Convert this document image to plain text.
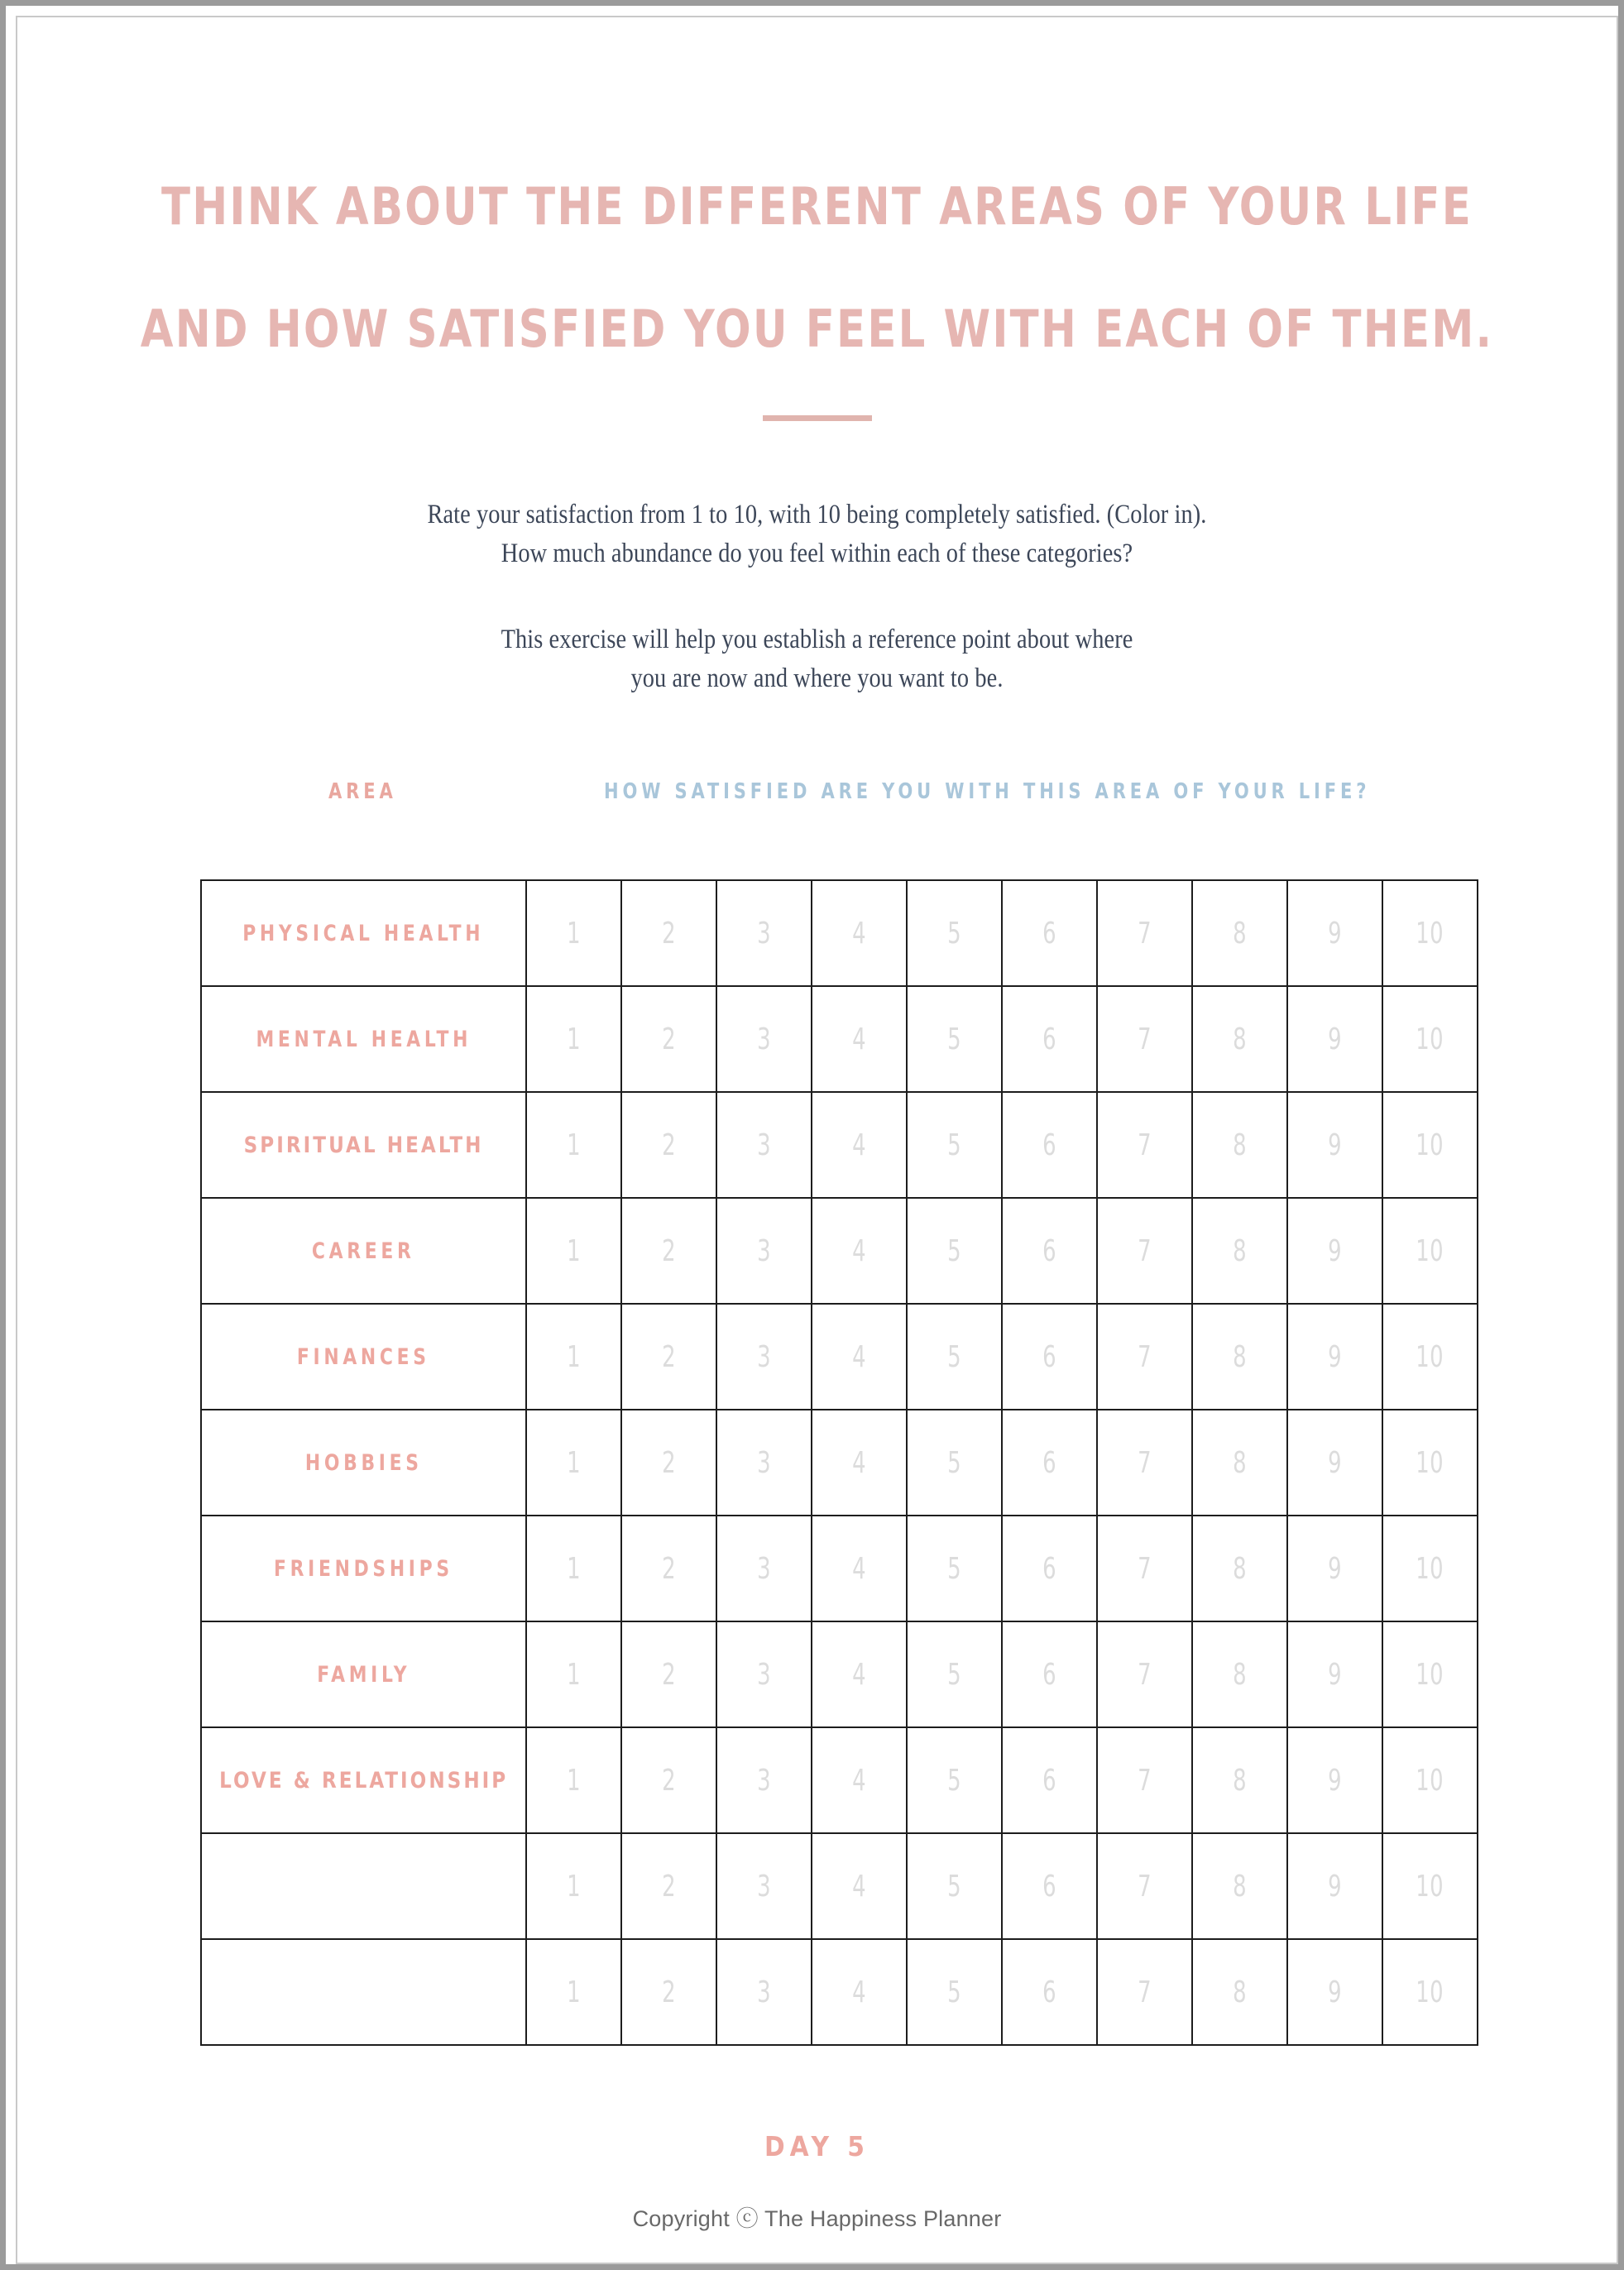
THINK ABOUT THE DIFFERENT AREAS OF YOUR LIFE
AND HOW SATISFIED YOU FEEL WITH EACH OF THEM.

Rate your satisfaction from 1 to 10, with 10 being completely satisfied. (Color in).

How much abundance do you feel within each of these categories?

This exercise will help you establish a reference point about where

you are now and where you want to be.

AREA	HOW SATISFIED ARE YOU WITH THIS AREA OF YOUR LIFE?
PHYSICAL HEALTH	1	2	3	4	5	6	7	8	9	10
MENTAL HEALTH	1	2	3	4	5	6	7	8	9	10
SPIRITUAL HEALTH	1	2	3	4	5	6	7	8	9	10
CAREER	1	2	3	4	5	6	7	8	9	10
FINANCES	1	2	3	4	5	6	7	8	9	10
HOBBIES	1	2	3	4	5	6	7	8	9	10
FRIENDSHIPS	1	2	3	4	5	6	7	8	9	10
FAMILY	1	2	3	4	5	6	7	8	9	10
LOVE & RELATIONSHIP	1	2	3	4	5	6	7	8	9	10
	1	2	3	4	5	6	7	8	9	10
	1	2	3	4	5	6	7	8	9	10
DAY 5
Copyright ⓒ The Happiness Planner
